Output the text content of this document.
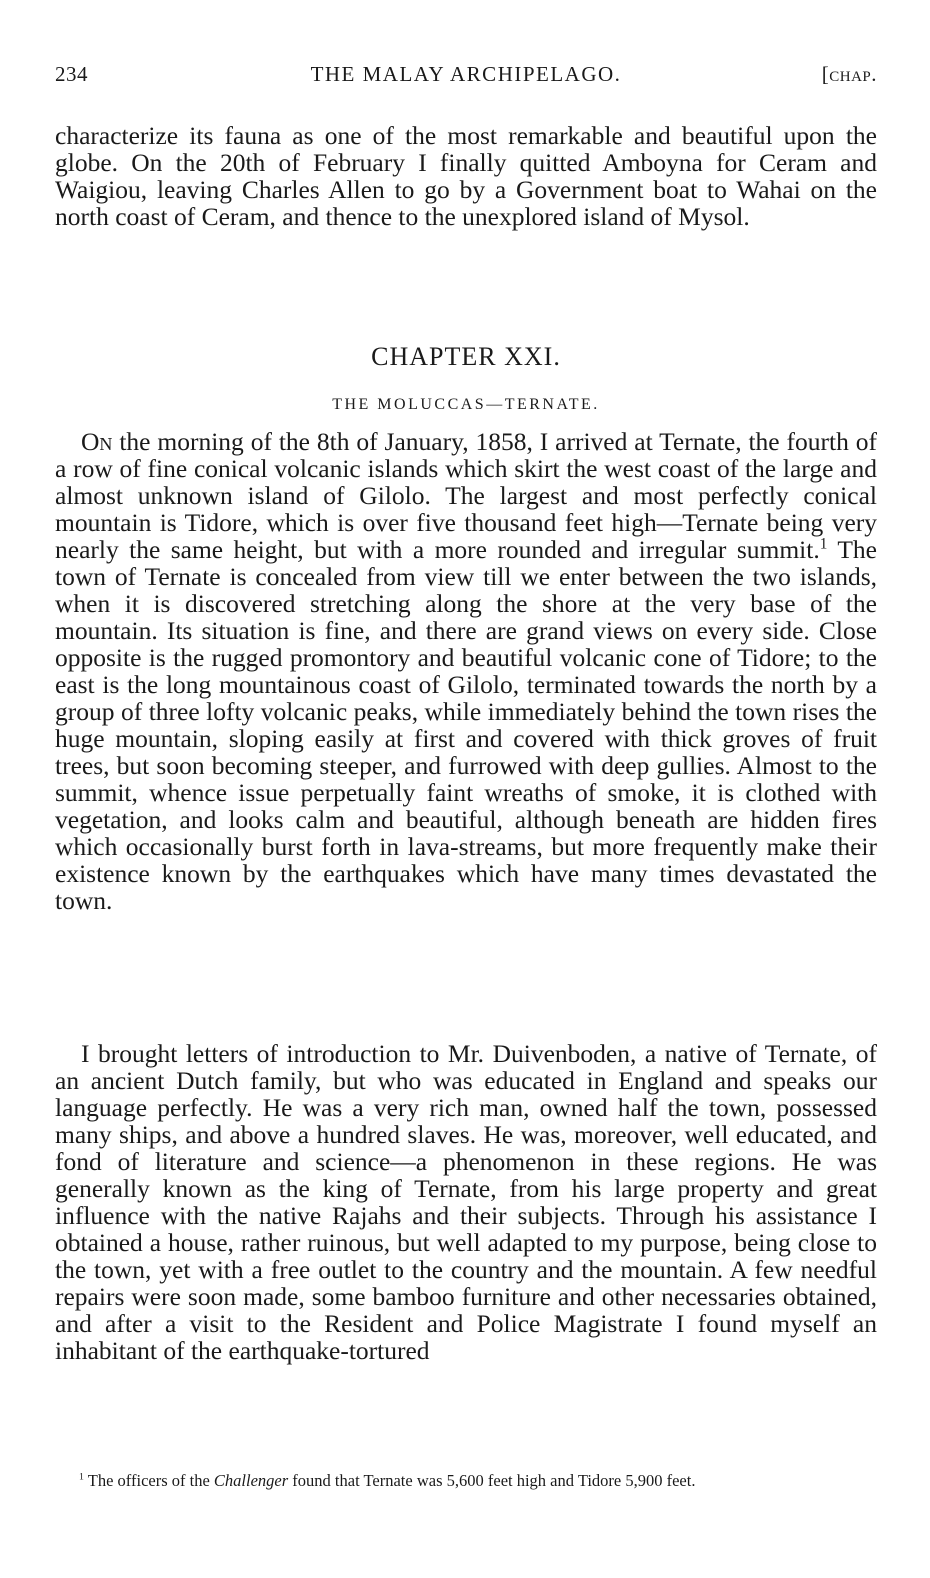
234	THE MALAY ARCHIPELAGO.	[chap.

characterize its fauna as one of the most remarkable and beautiful upon the globe. On the 20th of February I finally quitted Amboyna for Ceram and Waigiou, leaving Charles Allen to go by a Government boat to Wahai on the north coast of Ceram, and thence to the unexplored island of Mysol.

CHAPTER XXI.
THE MOLUCCAS—TERNATE.

On the morning of the 8th of January, 1858, I arrived at Ternate, the fourth of a row of fine conical volcanic islands which skirt the west coast of the large and almost unknown island of Gilolo. The largest and most perfectly conical mountain is Tidore, which is over five thousand feet high—Ternate being very nearly the same height, but with a more rounded and irregular summit.$^1$ The town of Ternate is concealed from view till we enter between the two islands, when it is discovered stretching along the shore at the very base of the mountain. Its situation is fine, and there are grand views on every side. Close opposite is the rugged promontory and beautiful volcanic cone of Tidore; to the east is the long mountainous coast of Gilolo, terminated towards the north by a group of three lofty volcanic peaks, while immediately behind the town rises the huge mountain, sloping easily at first and covered with thick groves of fruit trees, but soon becoming steeper, and furrowed with deep gullies. Almost to the summit, whence issue perpetually faint wreaths of smoke, it is clothed with vegetation, and looks calm and beautiful, although beneath are hidden fires which occasionally burst forth in lava-streams, but more frequently make their existence known by the earthquakes which have many times devastated the town.

I brought letters of introduction to Mr. Duivenboden, a native of Ternate, of an ancient Dutch family, but who was educated in England and speaks our language perfectly. He was a very rich man, owned half the town, possessed many ships, and above a hundred slaves. He was, moreover, well educated, and fond of literature and science—a phenomenon in these regions. He was generally known as the king of Ternate, from his large property and great influence with the native Rajahs and their subjects. Through his assistance I obtained a house, rather ruinous, but well adapted to my purpose, being close to the town, yet with a free outlet to the country and the mountain. A few needful repairs were soon made, some bamboo furniture and other necessaries obtained, and after a visit to the Resident and Police Magistrate I found myself an inhabitant of the earthquake-tortured

$^1$ The officers of the Challenger found that Ternate was 5,600 feet high and Tidore 5,900 feet.
